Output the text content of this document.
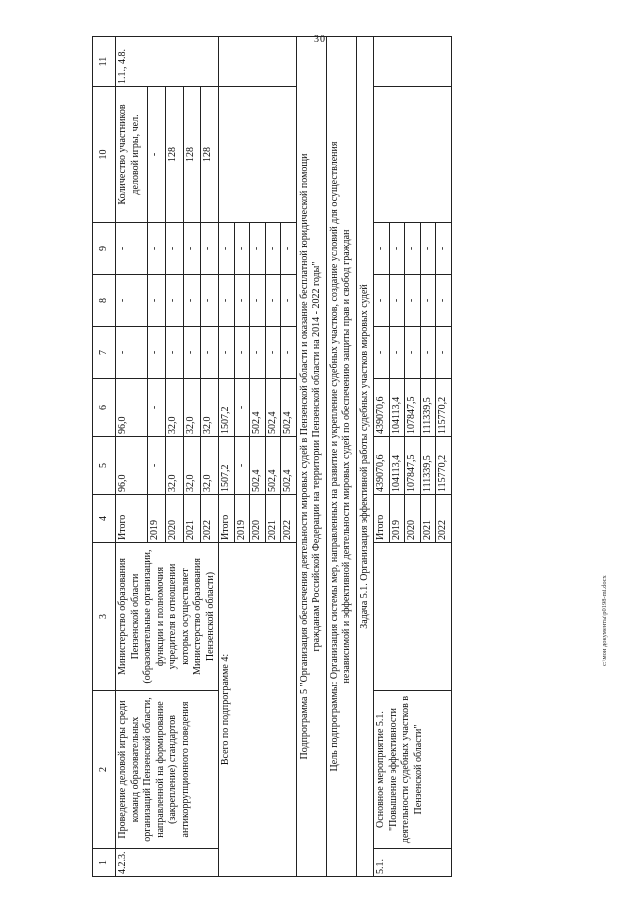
30
1	2	3	4	5	6	7	8	9	10	11
4.2.3.	Проведение деловой игры среди команд образовательных организаций Пензенской области, направленной на формирование (закрепление) стандартов антикоррупционного поведения	Министерство образования Пензенской области (образовательные организации, функции и полномочия учредителя в отношении которых осуществляет Министерство образования Пензенской области)	Итого	96,0	96,0	-	-	-	Количество участников деловой игры, чел.	1.1., 4.8.
			2019	-	-	-	-	-	-	
			2020	32,0	32,0	-	-	-	128	
			2021	32,0	32,0	-	-	-	128	
			2022	32,0	32,0	-	-	-	128	
Всего по подпрограмме 4:			Итого	1507,2	1507,2	-	-	-		
			2019	-	-	-	-	-		
			2020	502,4	502,4	-	-	-		
			2021	502,4	502,4	-	-	-		
			2022	502,4	502,4	-	-	-		

Подпрограмма 5 "Организация обеспечения деятельности мировых судей в Пензенской области и оказание бесплатной юридической помощи гражданам Российской Федерации на территории Пензенской области на 2014 - 2022 годы"										

Цель подпрограммы: Организация системы мер, направленных на развитие и укрепление судебных участков, создание условий для осуществления независимой и эффективной деятельности мировых судей по обеспечению защиты прав и свобод граждан										

Задача 5.1. Организация эффективной работы судебных участков мировых судей										
5.1.	Основное мероприятие 5.1. "Повышение эффективности деятельности судебных участков в Пензенской области"		Итого	439070,6	439070,6	-	-	-		
			2019	104113,4	104113,4	-	-	-		
			2020	107847,5	107847,5	-	-	-		
			2021	111339,5	111339,5	-	-	-		
			2022	115770,2	115770,2	-	-	-		
c:\мои документы\p0198-mi.docx
